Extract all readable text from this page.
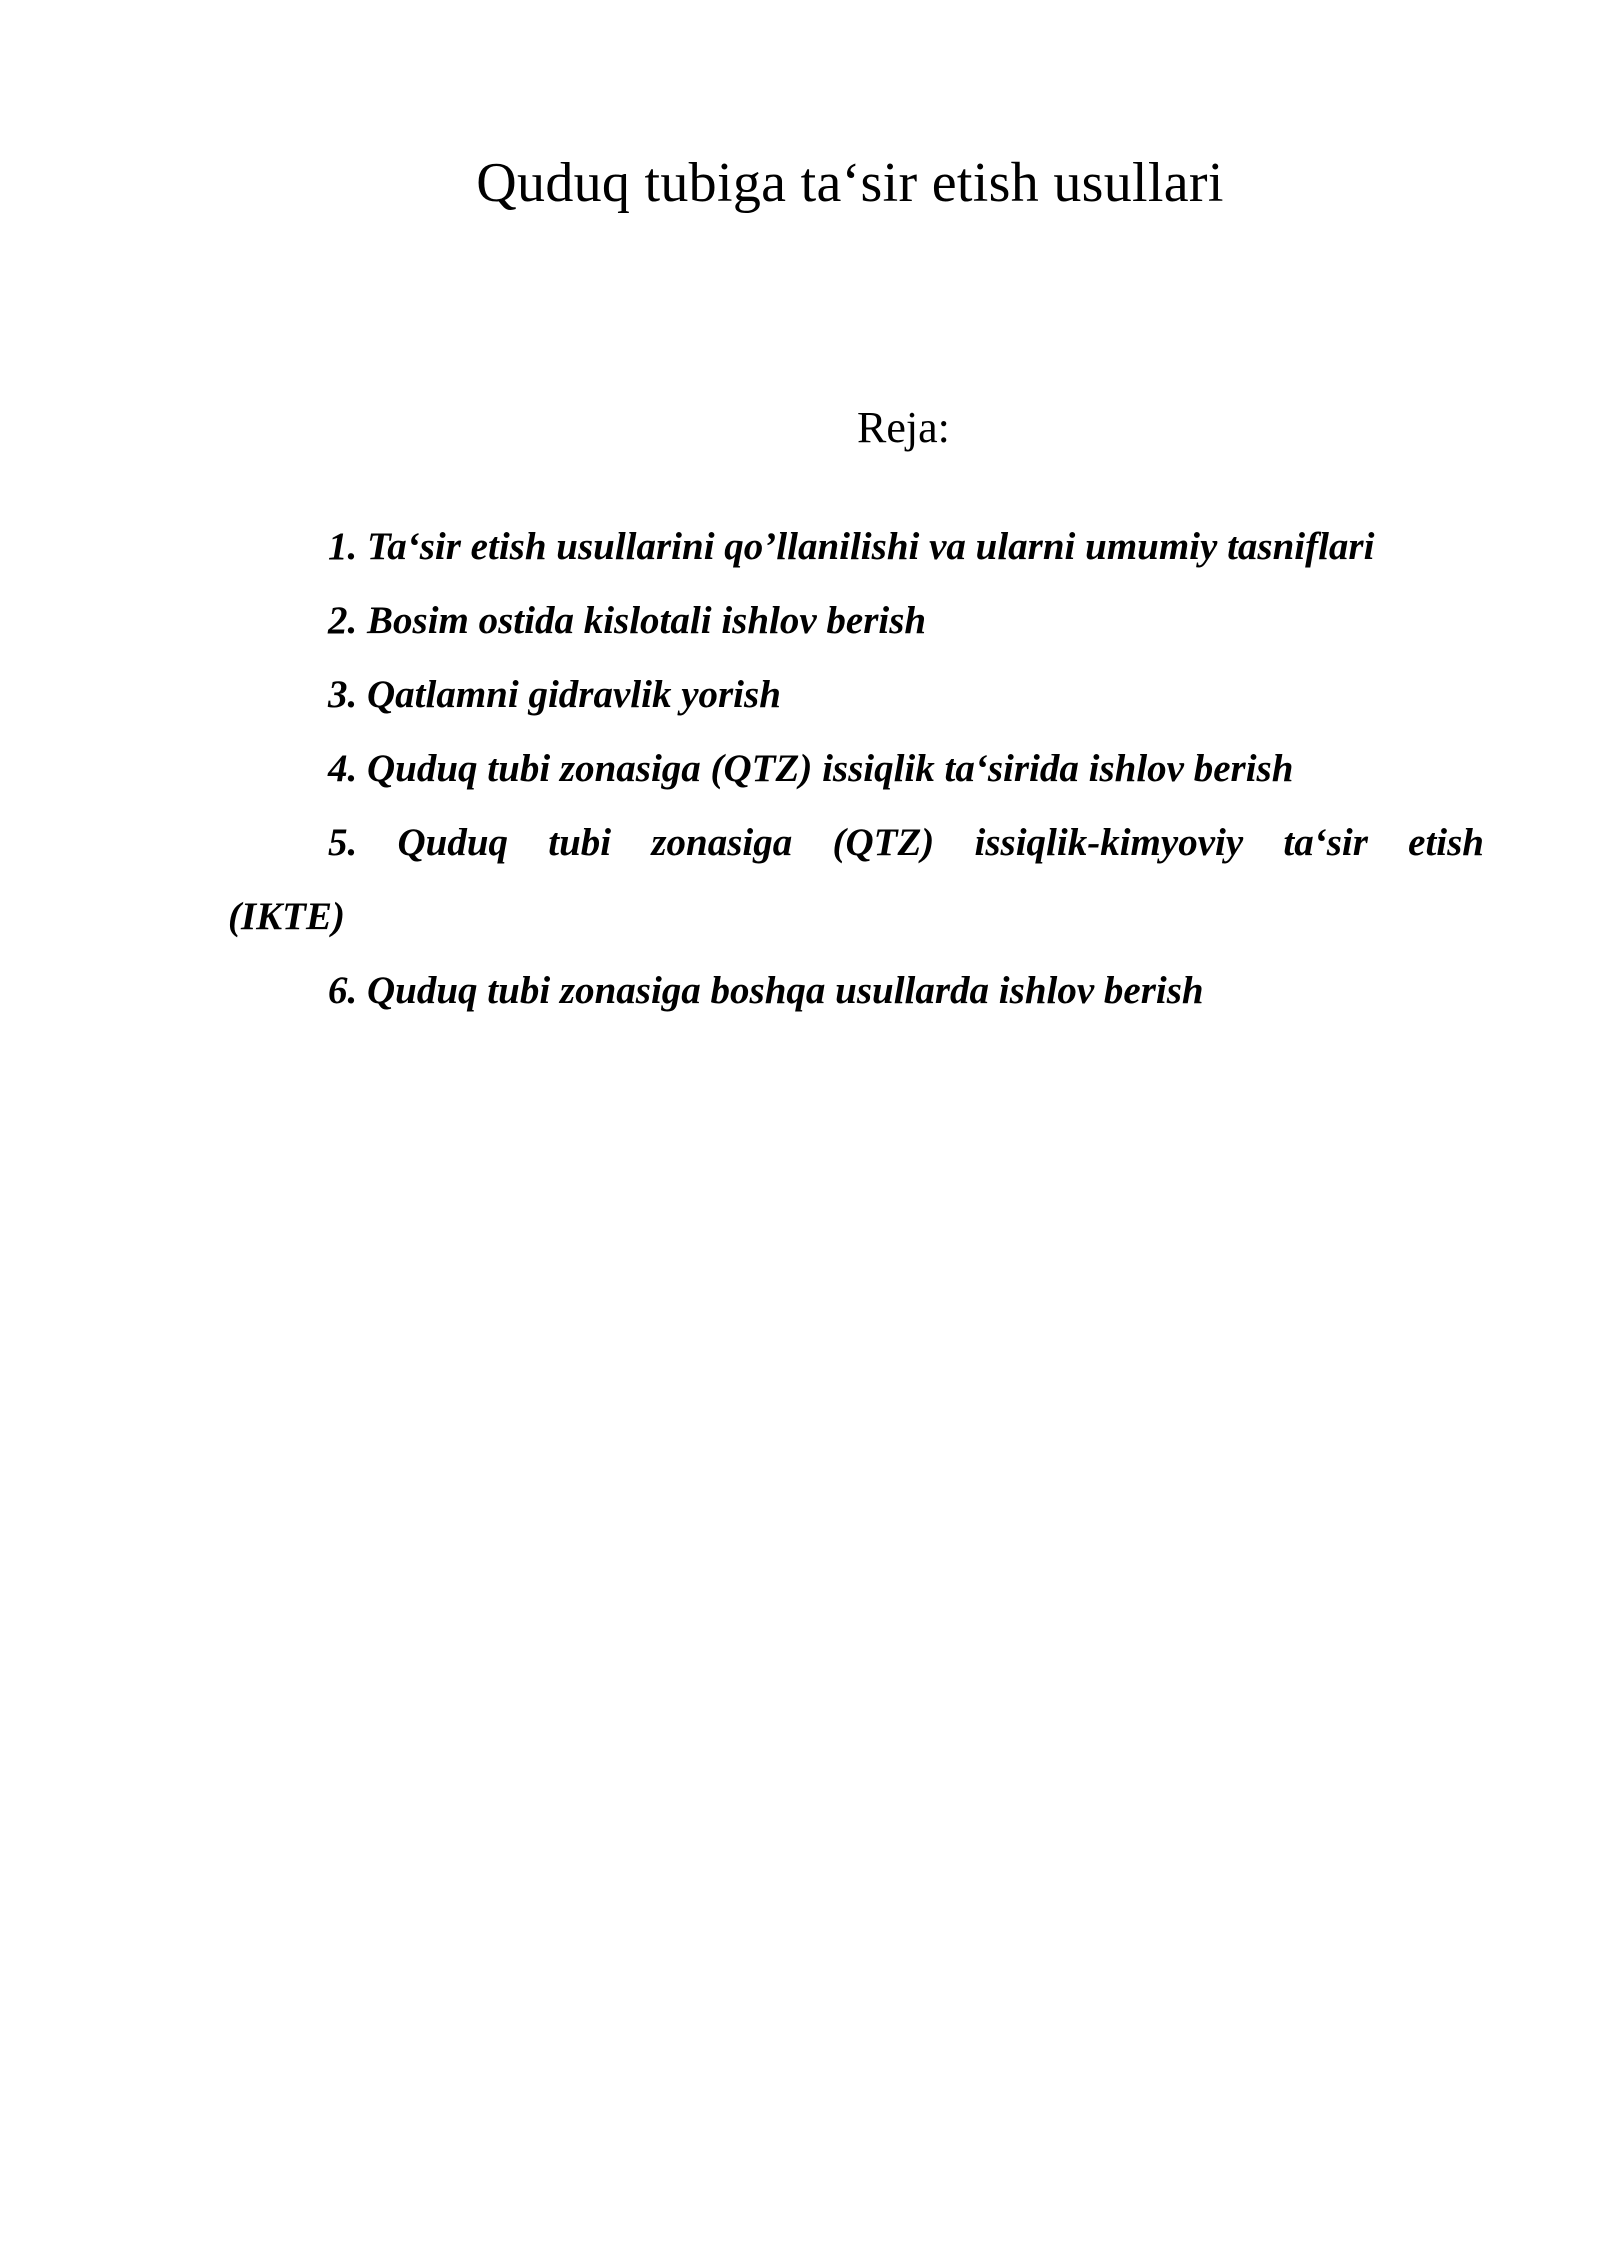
Quduq tubiga ta‘sir etish usullari
Reja:
1. Ta‘sir etish usullarini qo’llanilishi va ularni umumiy tasniflari
2. Bosim ostida kislotali ishlov berish
3. Qatlamni gidravlik yorish
4. Quduq tubi zonasiga (QTZ) issiqlik ta‘sirida ishlov berish
5. Quduq tubi zonasiga (QTZ) issiqlik-kimyoviy ta‘sir etish
(IKTE)
6. Quduq tubi zonasiga boshqa usullarda ishlov berish
